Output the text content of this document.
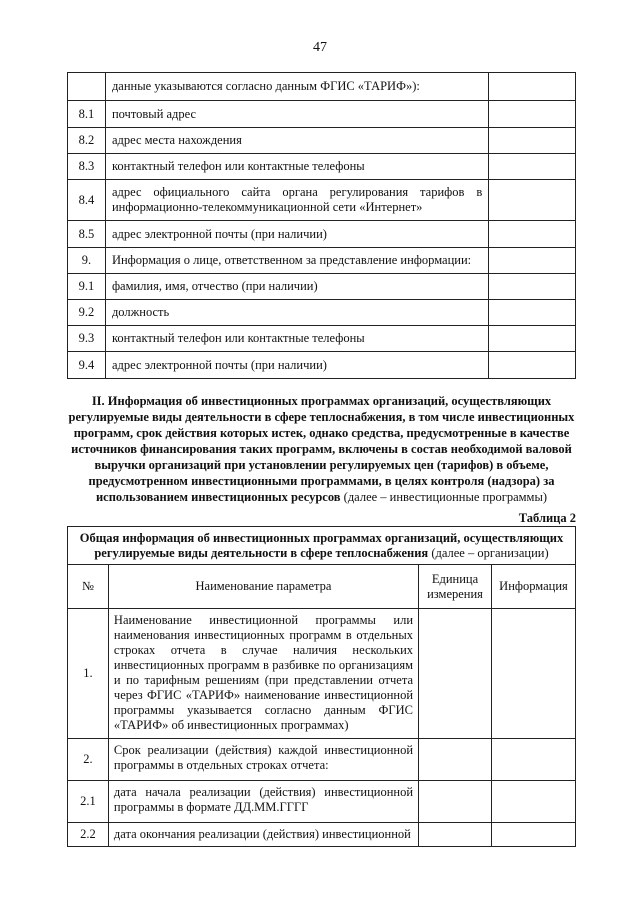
47
	данные указываются согласно данным ФГИС «ТАРИФ»):	
8.1	почтовый адрес	
8.2	адрес места нахождения	
8.3	контактный телефон или контактные телефоны	
8.4	адрес официального сайта органа регулирования тарифов в информационно-телекоммуникационной сети «Интернет»	
8.5	адрес электронной почты (при наличии)	
9.	Информация о лице, ответственном за представление информации:	
9.1	фамилия, имя, отчество (при наличии)	
9.2	должность	
9.3	контактный телефон или контактные телефоны	
9.4	адрес электронной почты (при наличии)	
II. Информация об инвестиционных программах организаций, осуществляющих регулируемые виды деятельности в сфере теплоснабжения, в том числе инвестиционных программ, срок действия которых истек, однако средства, предусмотренные в качестве источников финансирования таких программ, включены в состав необходимой валовой выручки организаций при установлении регулируемых цен (тарифов) в объеме, предусмотренном инвестиционными программами, в целях контроля (надзора) за использованием инвестиционных ресурсов (далее – инвестиционные программы)
Таблица 2
Общая информация об инвестиционных программах организаций, осуществляющих регулируемые виды деятельности в сфере теплоснабжения (далее – организации)			
№	Наименование параметра	Единица измерения	Информация
1.	Наименование инвестиционной программы или наименования инвестиционных программ в отдельных строках отчета в случае наличия нескольких инвестиционных программ в разбивке по организациям и по тарифным решениям (при представлении отчета через ФГИС «ТАРИФ» наименование инвестиционной программы указывается согласно данным ФГИС «ТАРИФ» об инвестиционных программах)		
2.	Срок реализации (действия) каждой инвестиционной программы в отдельных строках отчета:		
2.1	дата начала реализации (действия) инвестиционной программы в формате ДД.ММ.ГГГГ		
2.2	дата окончания реализации (действия) инвестиционной		
